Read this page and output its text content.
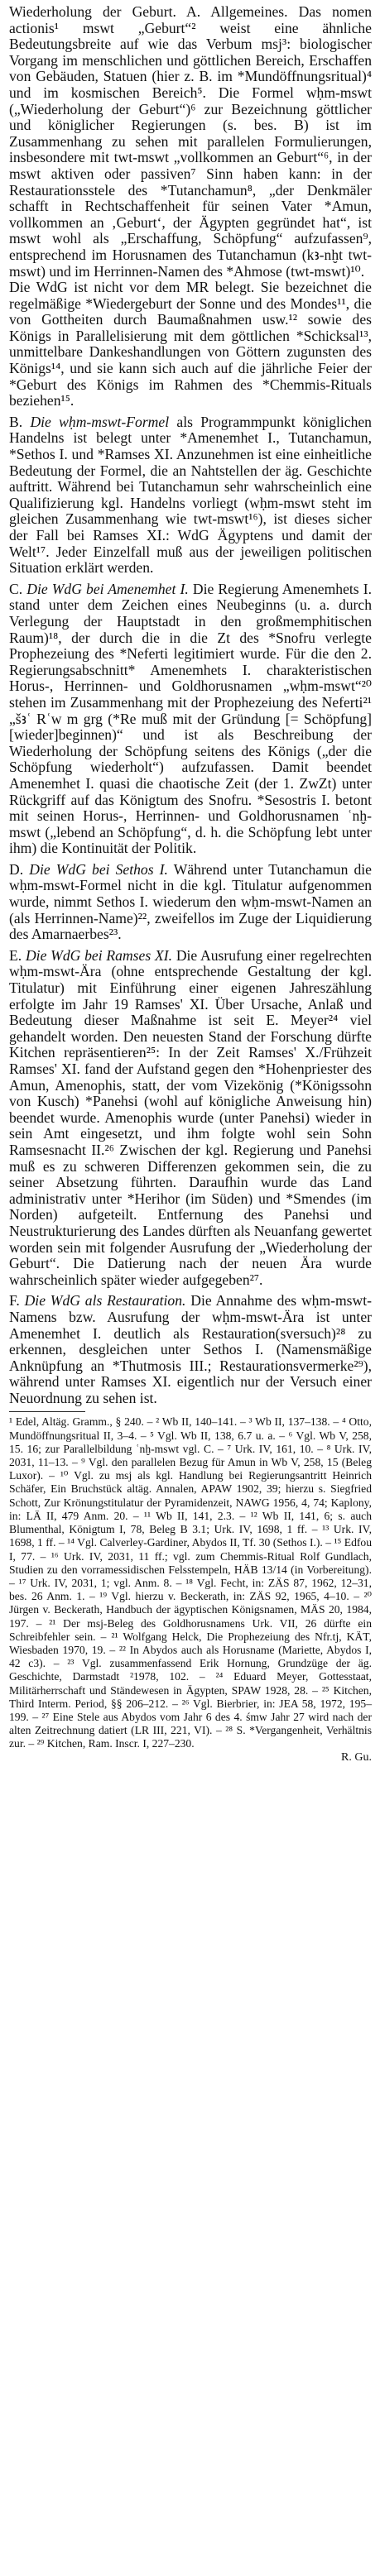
Wiederholung der Geburt. A. Allgemeines. Das nomen actionis¹ mswt „Geburt“² weist eine ähnliche Bedeutungsbreite auf wie das Verbum msj³: biologischer Vorgang im menschlichen und göttlichen Bereich, Erschaffen von Gebäuden, Statuen (hier z. B. im *Mundöffnungsritual)⁴ und im kosmischen Bereich⁵. Die Formel wḥm-mswt („Wiederholung der Geburt“)⁶ zur Bezeichnung göttlicher und königlicher Regierungen (s. bes. B) ist im Zusammenhang zu sehen mit parallelen Formulierungen, insbesondere mit twt-mswt „vollkommen an Geburt“⁶, in der mswt aktiven oder passiven⁷ Sinn haben kann: in der Restaurationsstele des *Tutanchamun⁸, „der Denkmäler schafft in Rechtschaffenheit für seinen Vater *Amun, vollkommen an ‚Geburt‘, der Ägypten gegründet hat“, ist mswt wohl als „Erschaffung, Schöpfung“ aufzufassen⁹, entsprechend im Horusnamen des Tutanchamun (kꜣ-nḫt twt-mswt) und im Herrinnen-Namen des *Ahmose (twt-mswt)¹⁰.

Die WdG ist nicht vor dem MR belegt. Sie bezeichnet die regelmäßige *Wiedergeburt der Sonne und des Mondes¹¹, die von Gottheiten durch Baumaßnahmen usw.¹² sowie des Königs in Parallelisierung mit dem göttlichen *Schicksal¹³, unmittelbare Dankeshandlungen von Göttern zugunsten des Königs¹⁴, und sie kann sich auch auf die jährliche Feier der *Geburt des Königs im Rahmen des *Chemmis-Rituals beziehen¹⁵.

B. Die wḥm-mswt-Formel als Programmpunkt königlichen Handelns ist belegt unter *Amenemhet I., Tutanchamun, *Sethos I. und *Ramses XI. Anzunehmen ist eine einheitliche Bedeutung der Formel, die an Nahtstellen der äg. Geschichte auftritt. Während bei Tutanchamun sehr wahrscheinlich eine Qualifizierung kgl. Handelns vorliegt (wḥm-mswt steht im gleichen Zusammenhang wie twt-mswt¹⁶), ist dieses sicher der Fall bei Ramses XI.: WdG Ägyptens und damit der Welt¹⁷. Jeder Einzelfall muß aus der jeweiligen politischen Situation erklärt werden.

C. Die WdG bei Amenemhet I. Die Regierung Amenemhets I. stand unter dem Zeichen eines Neubeginns (u. a. durch Verlegung der Hauptstadt in den großmemphitischen Raum)¹⁸, der durch die in die Zt des *Snofru verlegte Prophezeiung des *Neferti legitimiert wurde. Für die den 2. Regierungsabschnitt* Amenemhets I. charakteristischen Horus-, Herrinnen- und Goldhorusnamen „wḥm-mswt“²⁰ stehen im Zusammenhang mit der Prophezeiung des Neferti²¹ „šꜣʿ Rʿw m grg (*Re muß mit der Gründung [= Schöpfung] [wieder]beginnen)“ und ist als Beschreibung der Wiederholung der Schöpfung seitens des Königs („der die Schöpfung wiederholt“) aufzufassen. Damit beendet Amenemhet I. quasi die chaotische Zeit (der 1. ZwZt) unter Rückgriff auf das Königtum des Snofru. *Sesostris I. betont mit seinen Horus-, Herrinnen- und Goldhorusnamen ʿnḫ-mswt („lebend an Schöpfung“, d. h. die Schöpfung lebt unter ihm) die Kontinuität der Politik.

D. Die WdG bei Sethos I. Während unter Tutanchamun die wḥm-mswt-Formel nicht in die kgl. Titulatur aufgenommen wurde, nimmt Sethos I. wiederum den wḥm-mswt-Namen an (als Herrinnen-Name)²², zweifellos im Zuge der Liquidierung des Amarnaerbes²³.

E. Die WdG bei Ramses XI. Die Ausrufung einer regelrechten wḥm-mswt-Ära (ohne entsprechende Gestaltung der kgl. Titulatur) mit Einführung einer eigenen Jahreszählung erfolgte im Jahr 19 Ramses' XI. Über Ursache, Anlaß und Bedeutung dieser Maßnahme ist seit E. Meyer²⁴ viel gehandelt worden. Den neuesten Stand der Forschung dürfte Kitchen repräsentieren²⁵: In der Zeit Ramses' X./Frühzeit Ramses' XI. fand der Aufstand gegen den *Hohenpriester des Amun, Amenophis, statt, der vom Vizekönig (*Königssohn von Kusch) *Panehsi (wohl auf königliche Anweisung hin) beendet wurde. Amenophis wurde (unter Panehsi) wieder in sein Amt eingesetzt, und ihm folgte wohl sein Sohn Ramsesnacht II.²⁶ Zwischen der kgl. Regierung und Panehsi muß es zu schweren Differenzen gekommen sein, die zu seiner Absetzung führten. Daraufhin wurde das Land administrativ unter *Herihor (im Süden) und *Smendes (im Norden) aufgeteilt. Entfernung des Panehsi und Neustrukturierung des Landes dürften als Neuanfang gewertet worden sein mit folgender Ausrufung der „Wiederholung der Geburt“. Die Datierung nach der neuen Ära wurde wahrscheinlich später wieder aufgegeben²⁷.

F. Die WdG als Restauration. Die Annahme des wḥm-mswt-Namens bzw. Ausrufung der wḥm-mswt-Ära ist unter Amenemhet I. deutlich als Restauration(sversuch)²⁸ zu erkennen, desgleichen unter Sethos I. (Namensmäßige Anknüpfung an *Thutmosis III.; Restaurationsvermerke²⁹), während unter Ramses XI. eigentlich nur der Versuch einer Neuordnung zu sehen ist.

¹ Edel, Altäg. Gramm., § 240. – ² Wb II, 140–141. – ³ Wb II, 137–138. – ⁴ Otto, Mundöffnungsritual II, 3–4. – ⁵ Vgl. Wb II, 138, 6.7 u. a. – ⁶ Vgl. Wb V, 258, 15. 16; zur Parallelbildung ʿnḫ-mswt vgl. C. – ⁷ Urk. IV, 161, 10. – ⁸ Urk. IV, 2031, 11–13. – ⁹ Vgl. den parallelen Bezug für Amun in Wb V, 258, 15 (Beleg Luxor). – ¹⁰ Vgl. zu msj als kgl. Handlung bei Regierungsantritt Heinrich Schäfer, Ein Bruchstück altäg. Annalen, APAW 1902, 39; hierzu s. Siegfried Schott, Zur Krönungstitulatur der Pyramidenzeit, NAWG 1956, 4, 74; Kaplony, in: LÄ II, 479 Anm. 20. – ¹¹ Wb II, 141, 2.3. – ¹² Wb II, 141, 6; s. auch Blumenthal, Königtum I, 78, Beleg B 3.1; Urk. IV, 1698, 1 ff. – ¹³ Urk. IV, 1698, 1 ff. – ¹⁴ Vgl. Calverley-Gardiner, Abydos II, Tf. 30 (Sethos I.). – ¹⁵ Edfou I, 77. – ¹⁶ Urk. IV, 2031, 11 ff.; vgl. zum Chemmis-Ritual Rolf Gundlach, Studien zu den vorramessidischen Felsstempeln, HÄB 13/14 (in Vorbereitung). – ¹⁷ Urk. IV, 2031, 1; vgl. Anm. 8. – ¹⁸ Vgl. Fecht, in: ZÄS 87, 1962, 12–31, bes. 26 Anm. 1. – ¹⁹ Vgl. hierzu v. Beckerath, in: ZÄS 92, 1965, 4–10. – ²⁰ Jürgen v. Beckerath, Handbuch der ägyptischen Königsnamen, MÄS 20, 1984, 197. – ²¹ Der msj-Beleg des Goldhorusnamens Urk. VII, 26 dürfte ein Schreibfehler sein. – ²¹ Wolfgang Helck, Die Prophezeiung des Nfr.tj, KÄT, Wiesbaden 1970, 19. – ²² In Abydos auch als Horusname (Mariette, Abydos I, 42 c3). – ²³ Vgl. zusammenfassend Erik Hornung, Grundzüge der äg. Geschichte, Darmstadt ²1978, 102. – ²⁴ Eduard Meyer, Gottesstaat, Militärherrschaft und Ständewesen in Ägypten, SPAW 1928, 28. – ²⁵ Kitchen, Third Interm. Period, §§ 206–212. – ²⁶ Vgl. Bierbrier, in: JEA 58, 1972, 195–199. – ²⁷ Eine Stele aus Abydos vom Jahr 6 des 4. śmw Jahr 27 wird nach der alten Zeitrechnung datiert (LR III, 221, VI). – ²⁸ S. *Vergangenheit, Verhältnis zur. – ²⁹ Kitchen, Ram. Inscr. I, 227–230.

R. Gu.
